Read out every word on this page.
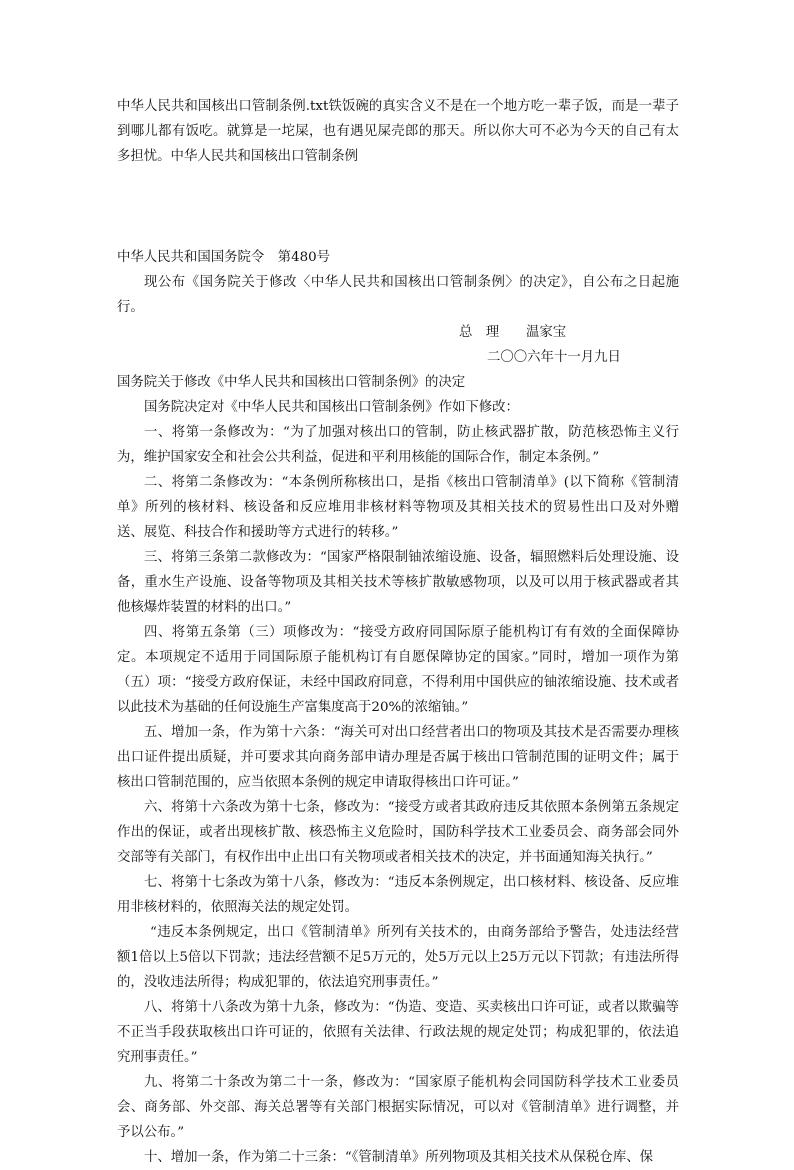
中华人民共和国核出口管制条例.txt铁饭碗的真实含义不是在一个地方吃一辈子饭，而是一辈子到哪儿都有饭吃。就算是一坨屎，也有遇见屎壳郎的那天。所以你大可不必为今天的自己有太多担忧。中华人民共和国核出口管制条例

中华人民共和国国务院令　第480号

现公布《国务院关于修改〈中华人民共和国核出口管制条例〉的决定》，自公布之日起施行。

总　理　　温家宝
二〇〇六年十一月九日

国务院关于修改《中华人民共和国核出口管制条例》的决定

国务院决定对《中华人民共和国核出口管制条例》作如下修改：

一、将第一条修改为：“为了加强对核出口的管制，防止核武器扩散，防范核恐怖主义行为，维护国家安全和社会公共利益，促进和平利用核能的国际合作，制定本条例。”

二、将第二条修改为：“本条例所称核出口，是指《核出口管制清单》(以下简称《管制清单》所列的核材料、核设备和反应堆用非核材料等物项及其相关技术的贸易性出口及对外赠送、展览、科技合作和援助等方式进行的转移。”

三、将第三条第二款修改为：“国家严格限制铀浓缩设施、设备，辐照燃料后处理设施、设备，重水生产设施、设备等物项及其相关技术等核扩散敏感物项，以及可以用于核武器或者其他核爆炸装置的材料的出口。”

四、将第五条第（三）项修改为：“接受方政府同国际原子能机构订有有效的全面保障协定。本项规定不适用于同国际原子能机构订有自愿保障协定的国家。”同时，增加一项作为第（五）项：“接受方政府保证，未经中国政府同意，不得利用中国供应的铀浓缩设施、技术或者以此技术为基础的任何设施生产富集度高于20%的浓缩铀。”

五、增加一条，作为第十六条：“海关可对出口经营者出口的物项及其技术是否需要办理核出口证件提出质疑，并可要求其向商务部申请办理是否属于核出口管制范围的证明文件；属于核出口管制范围的，应当依照本条例的规定申请取得核出口许可证。”

六、将第十六条改为第十七条，修改为：“接受方或者其政府违反其依照本条例第五条规定作出的保证，或者出现核扩散、核恐怖主义危险时，国防科学技术工业委员会、商务部会同外交部等有关部门，有权作出中止出口有关物项或者相关技术的决定，并书面通知海关执行。”

七、将第十七条改为第十八条，修改为：“违反本条例规定，出口核材料、核设备、反应堆用非核材料的，依照海关法的规定处罚。

“违反本条例规定，出口《管制清单》所列有关技术的，由商务部给予警告，处违法经营额1倍以上5倍以下罚款；违法经营额不足5万元的，处5万元以上25万元以下罚款；有违法所得的，没收违法所得；构成犯罪的，依法追究刑事责任。”

八、将第十八条改为第十九条，修改为：“伪造、变造、买卖核出口许可证，或者以欺骗等不正当手段获取核出口许可证的，依照有关法律、行政法规的规定处罚；构成犯罪的，依法追究刑事责任。”

九、将第二十条改为第二十一条，修改为：“国家原子能机构会同国防科学技术工业委员会、商务部、外交部、海关总署等有关部门根据实际情况，可以对《管制清单》进行调整，并予以公布。”

十、增加一条，作为第二十三条：“《管制清单》所列物项及其相关技术从保税仓库、保
